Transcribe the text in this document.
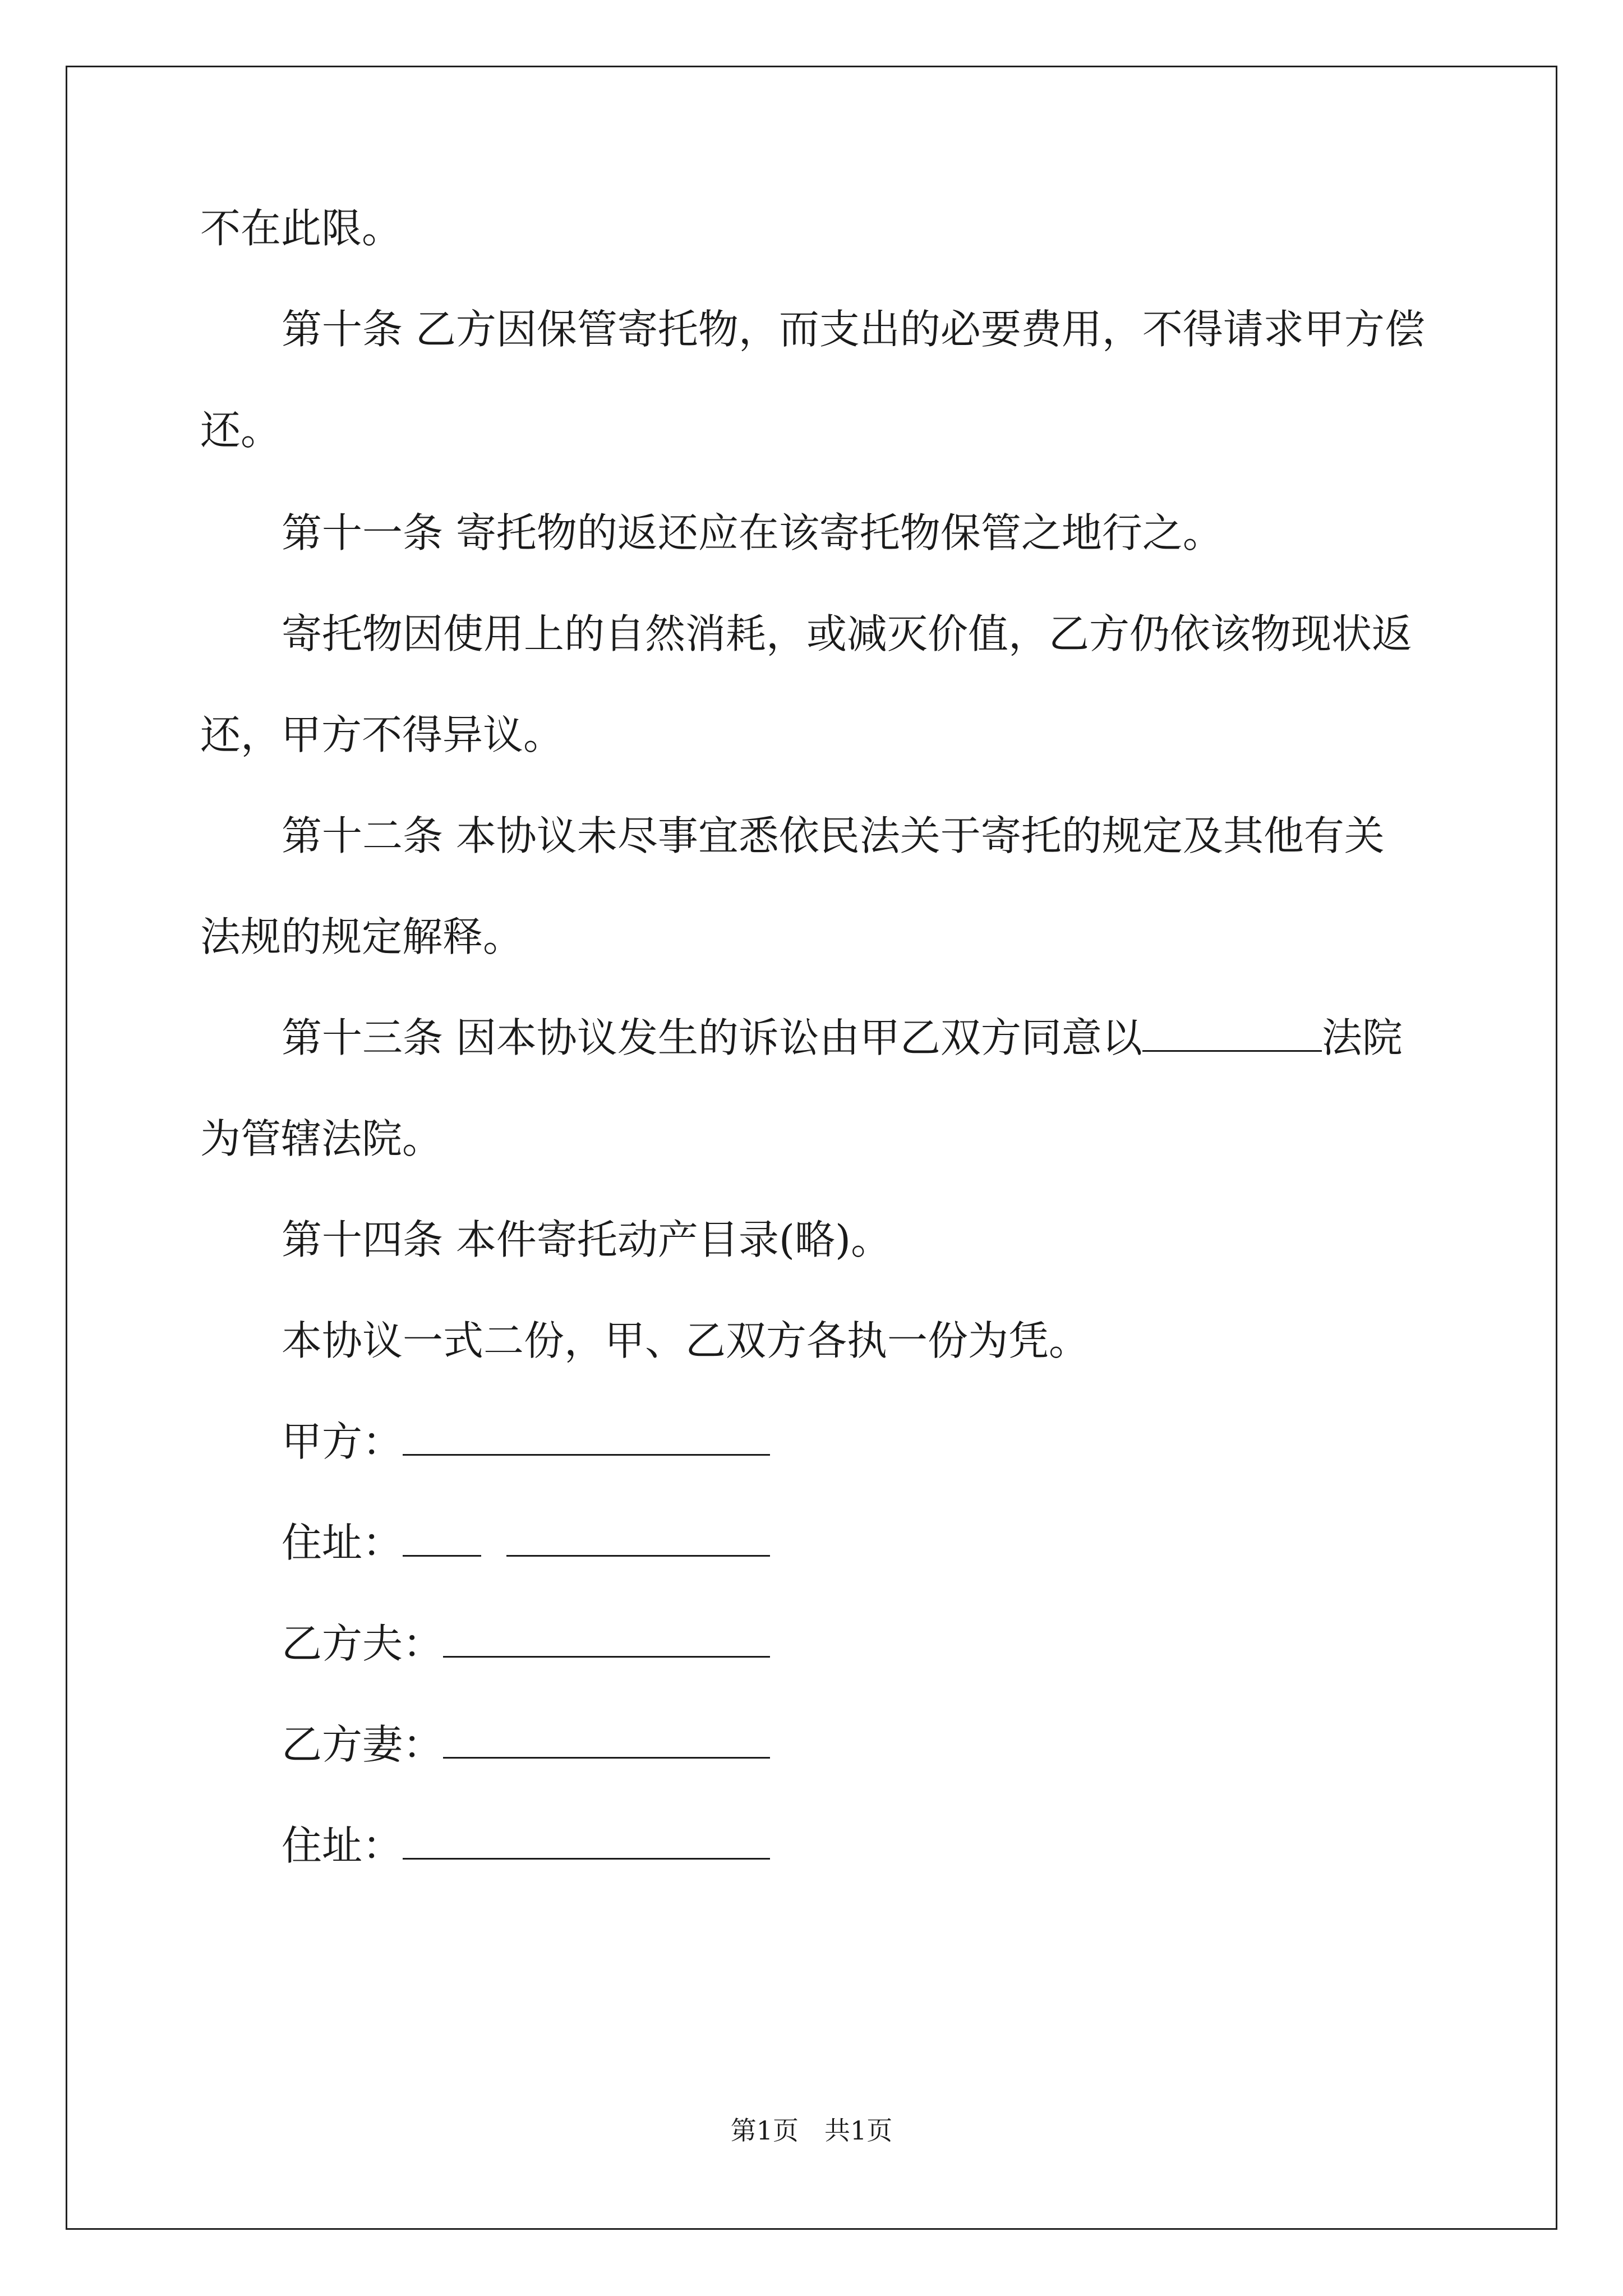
不在此限。
第十条 乙方因保管寄托物，而支出的必要费用，不得请求甲方偿
还。
第十一条 寄托物的返还应在该寄托物保管之地行之。
寄托物因使用上的自然消耗，或减灭价值，乙方仍依该物现状返
还，甲方不得异议。
第十二条 本协议未尽事宜悉依民法关于寄托的规定及其他有关
法规的规定解释。
第十三条 因本协议发生的诉讼由甲乙双方同意以	法院
为管辖法院。
第十四条 本件寄托动产目录(略)。
本协议一式二份，甲、乙双方各执一份为凭。
甲方：
住址：
乙方夫：
乙方妻：
住址：
第1页　共1页
